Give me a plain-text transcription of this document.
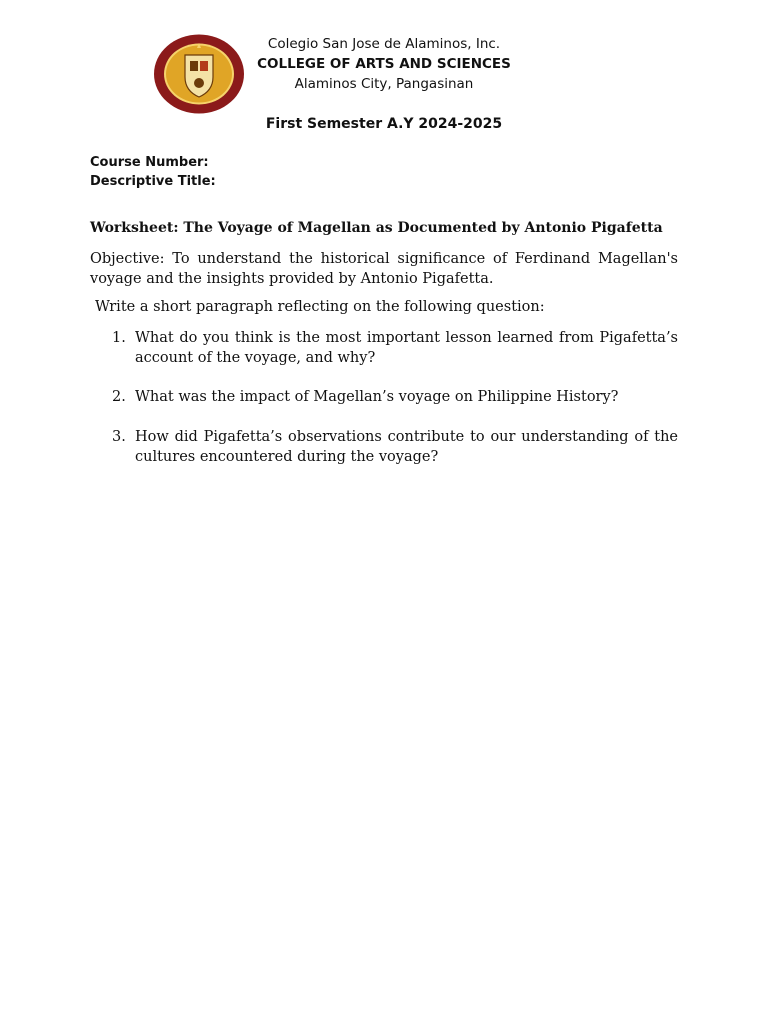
Colegio San Jose de Alaminos, Inc.
COLLEGE OF ARTS AND SCIENCES
Alaminos City, Pangasinan
First Semester A.Y 2024-2025
Course Number:
Descriptive Title:
Worksheet: The Voyage of Magellan as Documented by Antonio Pigafetta
Objective: To understand the historical significance of Ferdinand Magellan's voyage and the insights provided by Antonio Pigafetta.
Write a short paragraph reflecting on the following question:
1. What do you think is the most important lesson learned from Pigafetta’s account of the voyage, and why?
2. What was the impact of Magellan’s voyage on Philippine History?
3. How did Pigafetta’s observations contribute to our understanding of the cultures encountered during the voyage?
